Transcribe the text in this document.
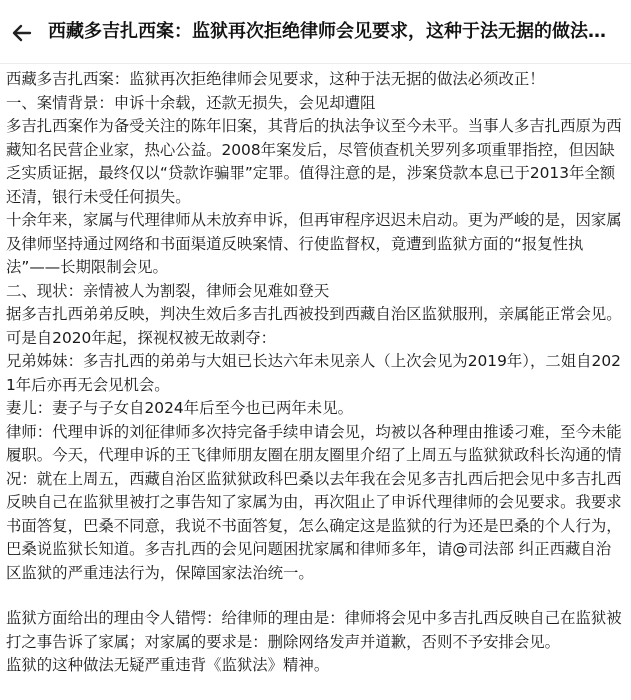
西藏多吉扎西案：监狱再次拒绝律师会见要求，这种于法无据的做法…

西藏多吉扎西案：监狱再次拒绝律师会见要求，这种于法无据的做法必须改正！

一、案情背景：申诉十余载，还款无损失，会见却遭阻

多吉扎西案作为备受关注的陈年旧案，其背后的执法争议至今未平。当事人多吉扎西原为西藏知名民营企业家，热心公益。2008年案发后，尽管侦查机关罗列多项重罪指控，但因缺乏实质证据，最终仅以“贷款诈骗罪”定罪。值得注意的是，涉案贷款本息已于2013年全额还清，银行未受任何损失。

十余年来，家属与代理律师从未放弃申诉，但再审程序迟迟未启动。更为严峻的是，因家属及律师坚持通过网络和书面渠道反映案情、行使监督权，竟遭到监狱方面的“报复性执法”——长期限制会见。

二、现状：亲情被人为割裂，律师会见难如登天

据多吉扎西弟弟反映，判决生效后多吉扎西被投到西藏自治区监狱服刑，亲属能正常会见。可是自2020年起，探视权被无故剥夺：

兄弟姊妹：多吉扎西的弟弟与大姐已长达六年未见亲人（上次会见为2019年），二姐自2021年后亦再无会见机会。

妻儿：妻子与子女自2024年后至今也已两年未见。

律师：代理申诉的刘征律师多次持完备手续申请会见，均被以各种理由推诿刁难，至今未能履职。今天，代理申诉的王飞律师朋友圈在朋友圈里介绍了上周五与监狱狱政科长沟通的情况：就在上周五，西藏自治区监狱狱政科巴桑以去年我在会见多吉扎西后把会见中多吉扎西反映自己在监狱里被打之事告知了家属为由，再次阻止了申诉代理律师的会见要求。我要求书面答复，巴桑不同意，我说不书面答复，怎么确定这是监狱的行为还是巴桑的个人行为，巴桑说监狱长知道。多吉扎西的会见问题困扰家属和律师多年，请@司法部 纠正西藏自治区监狱的严重违法行为，保障国家法治统一。

监狱方面给出的理由令人错愕：给律师的理由是：律师将会见中多吉扎西反映自己在监狱被打之事告诉了家属；对家属的要求是：删除网络发声并道歉，否则不予安排会见。

监狱的这种做法无疑严重违背《监狱法》精神。
